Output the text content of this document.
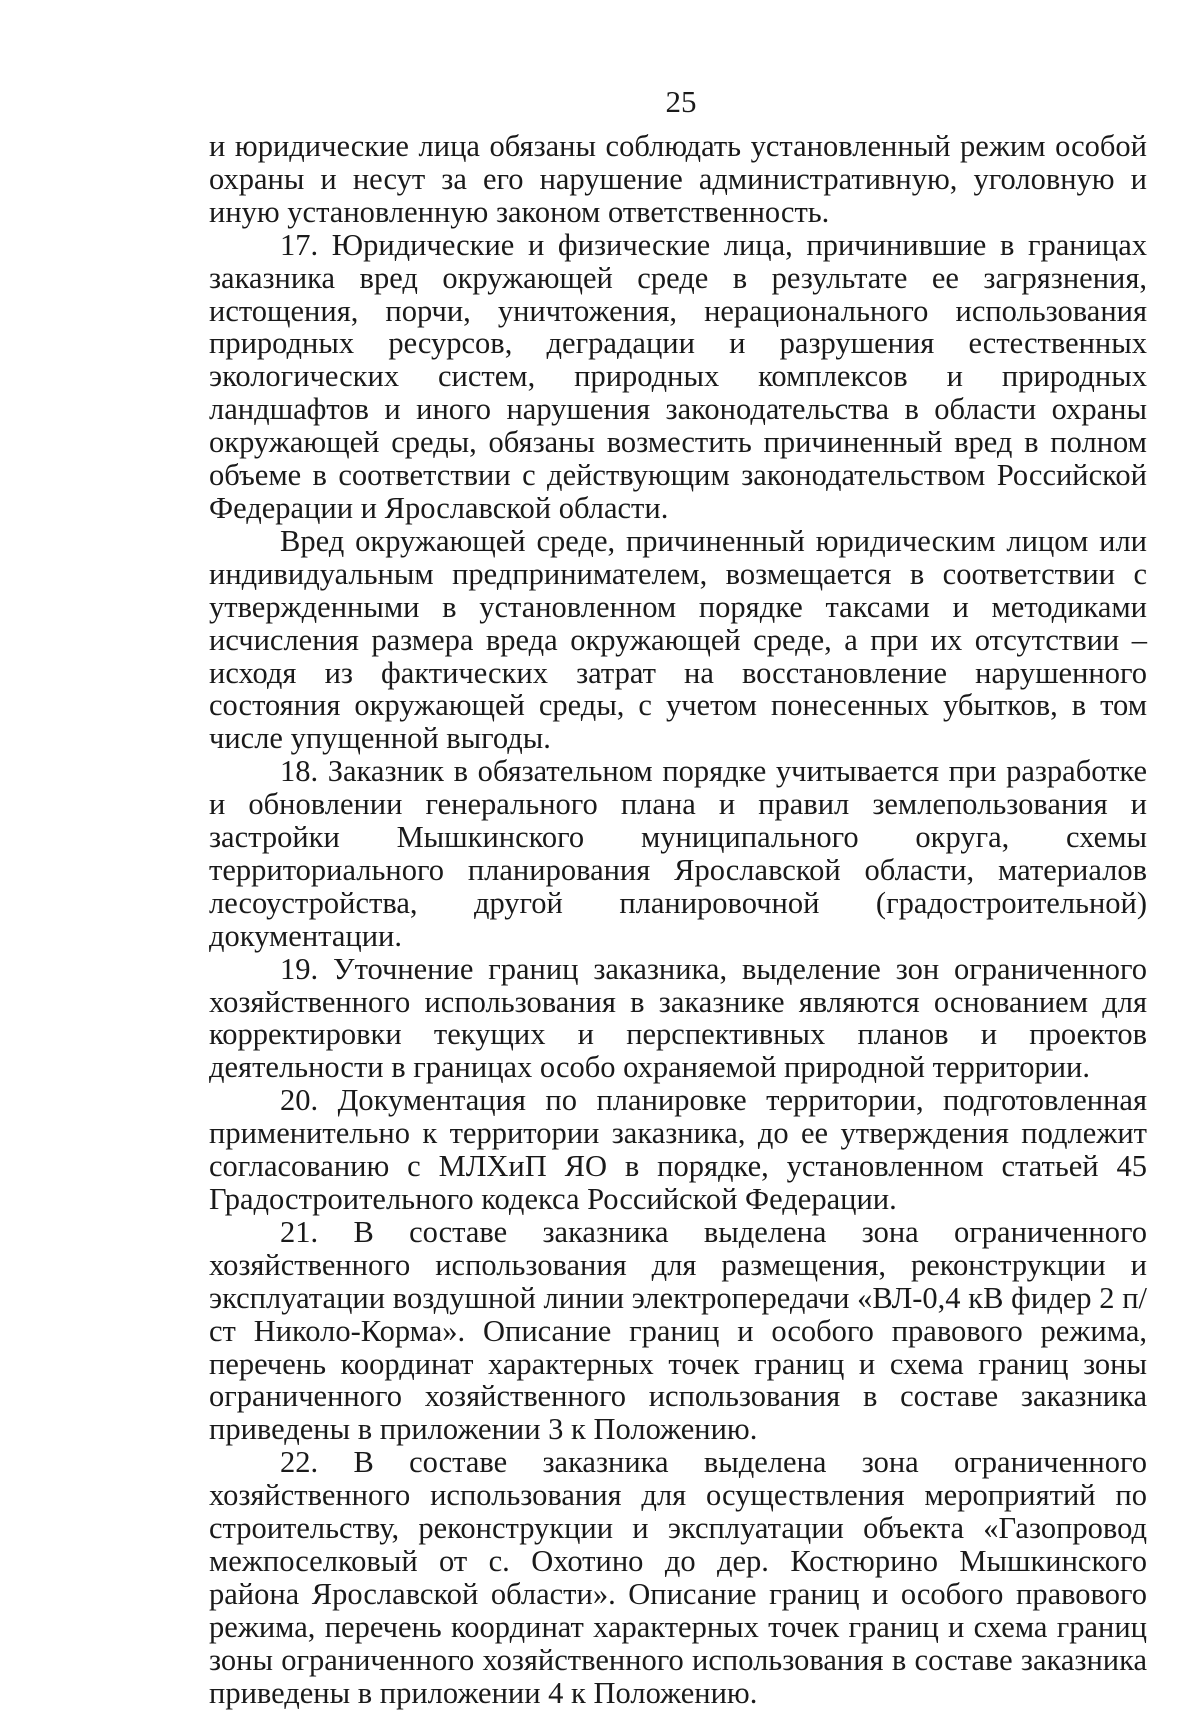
25

и юридические лица обязаны соблюдать установленный режим особой охраны и несут за его нарушение административную, уголовную и иную установленную законом ответственность.

17. Юридические и физические лица, причинившие в границах заказника вред окружающей среде в результате ее загрязнения, истощения, порчи, уничтожения, нерационального использования природных ресурсов, деградации и разрушения естественных экологических систем, природных комплексов и природных ландшафтов и иного нарушения законодательства в области охраны окружающей среды, обязаны возместить причиненный вред в полном объеме в соответствии с действующим законодательством Российской Федерации и Ярославской области.

Вред окружающей среде, причиненный юридическим лицом или индивидуальным предпринимателем, возмещается в соответствии с утвержденными в установленном порядке таксами и методиками исчисления размера вреда окружающей среде, а при их отсутствии – исходя из фактических затрат на восстановление нарушенного состояния окружающей среды, с учетом понесенных убытков, в том числе упущенной выгоды.

18. Заказник в обязательном порядке учитывается при разработке и обновлении генерального плана и правил землепользования и застройки Мышкинского муниципального округа, схемы территориального планирования Ярославской области, материалов лесоустройства, другой планировочной (градостроительной) документации.

19. Уточнение границ заказника, выделение зон ограниченного хозяйственного использования в заказнике являются основанием для корректировки текущих и перспективных планов и проектов деятельности в границах особо охраняемой природной территории.

20. Документация по планировке территории, подготовленная применительно к территории заказника, до ее утверждения подлежит согласованию с МЛХиП ЯО в порядке, установленном статьей 45 Градостроительного кодекса Российской Федерации.

21. В составе заказника выделена зона ограниченного хозяйственного использования для размещения, реконструкции и эксплуатации воздушной линии электропередачи «ВЛ-0,4 кВ фидер 2 п/ст Николо-Корма». Описание границ и особого правового режима, перечень координат характерных точек границ и схема границ зоны ограниченного хозяйственного использования в составе заказника приведены в приложении 3 к Положению.

22. В составе заказника выделена зона ограниченного хозяйственного использования для осуществления мероприятий по строительству, реконструкции и эксплуатации объекта «Газопровод межпоселковый от с. Охотино до дер. Костюрино Мышкинского района Ярославской области». Описание границ и особого правового режима, перечень координат характерных точек границ и схема границ зоны ограниченного хозяйственного использования в составе заказника приведены в приложении 4 к Положению.
